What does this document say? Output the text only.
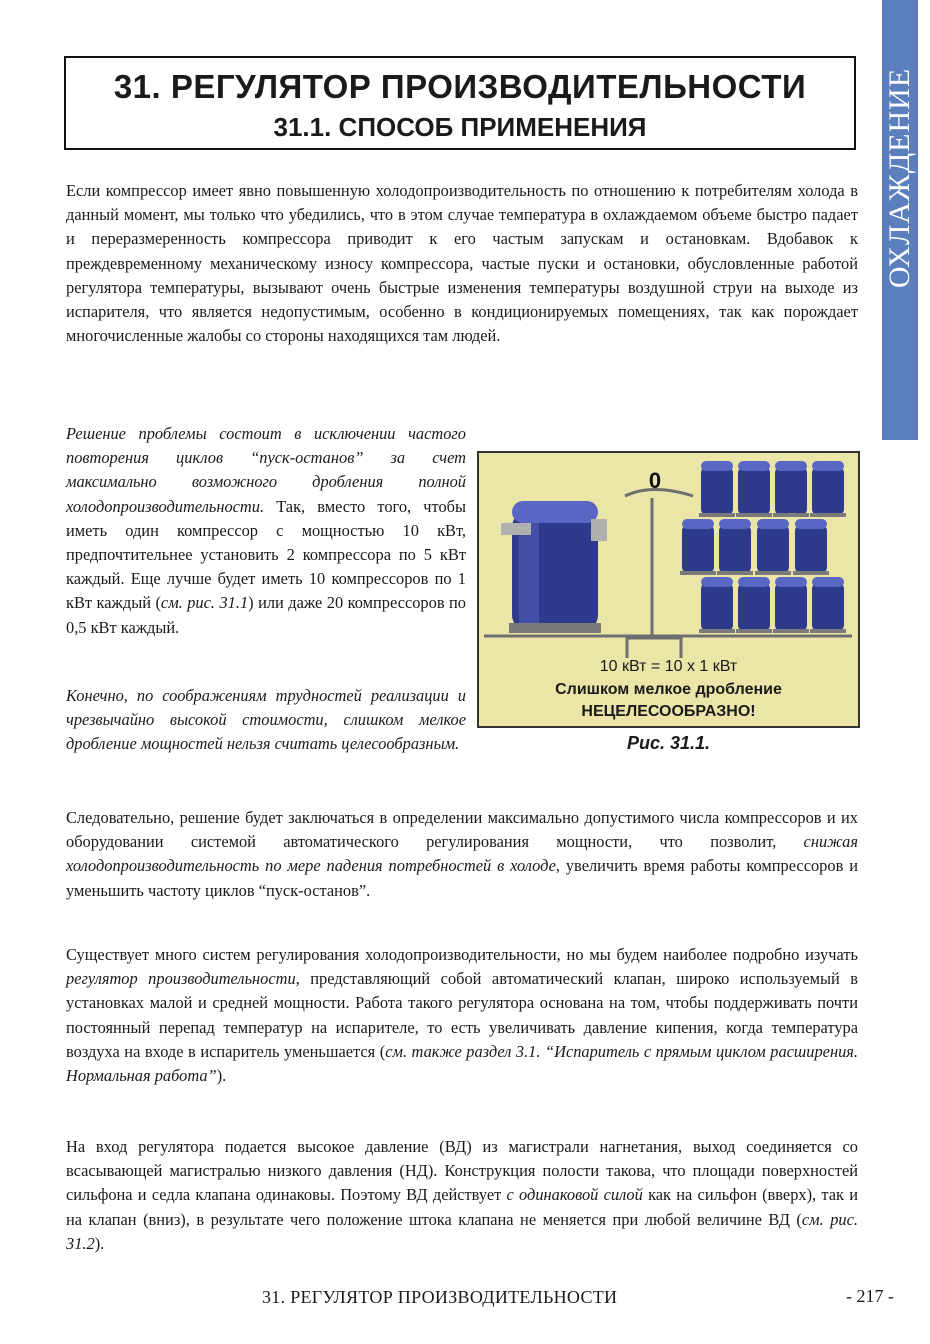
ОХЛАЖДЕНИЕ
31. РЕГУЛЯТОР ПРОИЗВОДИТЕЛЬНОСТИ
31.1. СПОСОБ ПРИМЕНЕНИЯ

Если компрессор имеет явно повышенную холодопроизводительность по отношению к потребителям холода в данный момент, мы только что убедились, что в этом случае температура в охлаждаемом объеме быстро падает и переразмеренность компрессора приводит к его частым запускам и остановкам. Вдобавок к преждевременному механическому износу компрессора, частые пуски и остановки, обусловленные работой регулятора температуры, вызывают очень быстрые изменения температуры воздушной струи на выходе из испарителя, что является недопустимым, особенно в кондиционируемых помещениях, так как порождает многочисленные жалобы со стороны находящихся там людей.

Решение проблемы состоит в исключении частого повторения циклов “пуск-останов” за счет максимально возможного дробления полной холодопроизводительности. Так, вместо того, чтобы иметь один компрессор с мощностью 10 кВт, предпочтительнее установить 2 компрессора по 5 кВт каждый. Еще лучше будет иметь 10 компрессоров по 1 кВт каждый (см. рис. 31.1) или даже 20 компрессоров по 0,5 кВт каждый.

Конечно, по соображениям трудностей реализации и чрезвычайно высокой стоимости, слишком мелкое дробление мощностей нельзя считать целесообразным.

0
10 кВт = 10 х 1 кВт
Слишком мелкое дробление
НЕЦЕЛЕСООБРАЗНО!
Рис. 31.1.

Следовательно, решение будет заключаться в определении максимально допустимого числа компрессоров и их оборудовании системой автоматического регулирования мощности, что позволит, снижая холодопроизводительность по мере падения потребностей в холоде, увеличить время работы компрессоров и уменьшить частоту циклов “пуск-останов”.

Существует много систем регулирования холодопроизводительности, но мы будем наиболее подробно изучать регулятор производительности, представляющий собой автоматический клапан, широко используемый в установках малой и средней мощности. Работа такого регулятора основана на том, чтобы поддерживать почти постоянный перепад температур на испарителе, то есть увеличивать давление кипения, когда температура воздуха на входе в испаритель уменьшается (см. также раздел 3.1. “Испаритель с прямым циклом расширения. Нормальная работа”).

На вход регулятора подается высокое давление (ВД) из магистрали нагнетания, выход соединяется со всасывающей магистралью низкого давления (НД). Конструкция полости такова, что площади поверхностей сильфона и седла клапана одинаковы. Поэтому ВД действует с одинаковой силой как на сильфон (вверх), так и на клапан (вниз), в результате чего положение штока клапана не меняется при любой величине ВД (см. рис. 31.2).

31. РЕГУЛЯТОР ПРОИЗВОДИТЕЛЬНОСТИ	- 217 -
